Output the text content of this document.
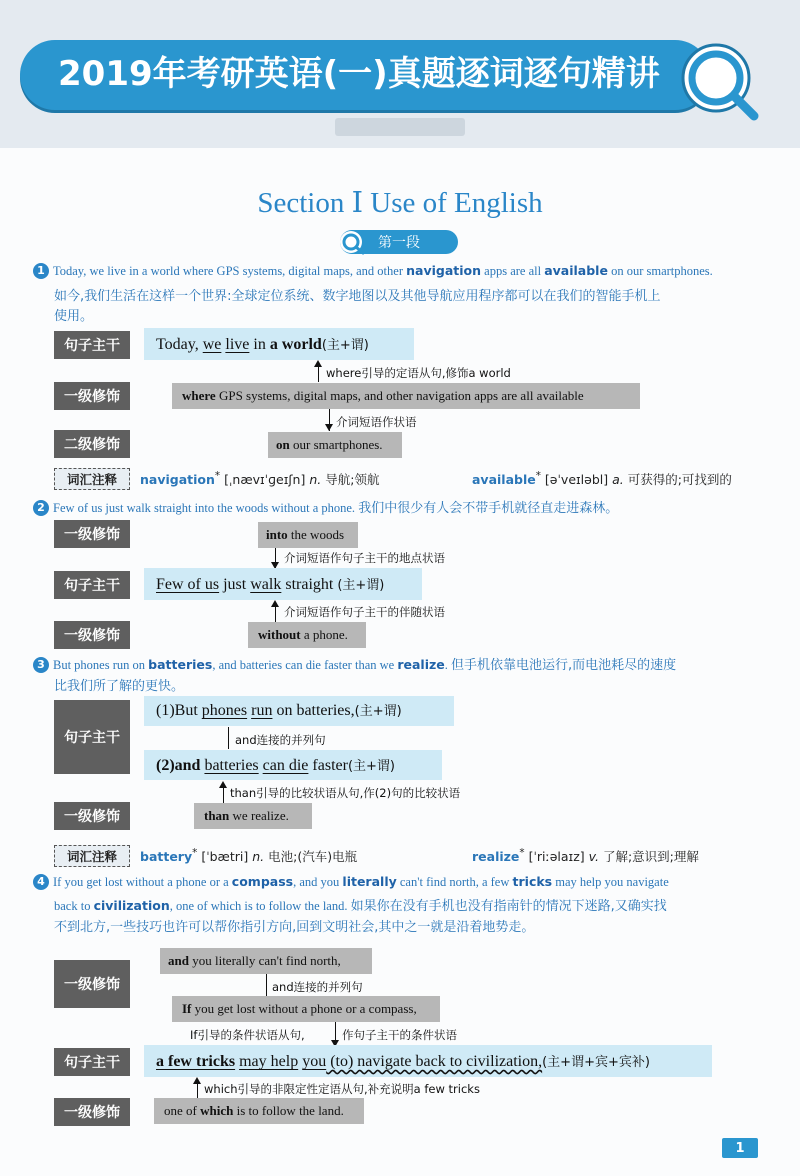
2019年考研英语(一)真题逐词逐句精讲
Section Ⅰ Use of English
第一段
1 Today, we live in a world where GPS systems, digital maps, and other navigation apps are all available on our smartphones.
如今,我们生活在这样一个世界:全球定位系统、数字地图以及其他导航应用程序都可以在我们的智能手机上
使用。
句子主干	Today, we live in a world(主+谓)
where引导的定语从句,修饰a world
一级修饰	where GPS systems, digital maps, and other navigation apps are all available
介词短语作状语
二级修饰	on our smartphones.
词汇注释	navigation* [ˌnævɪˈɡeɪʃn] n. 导航;领航	available* [əˈveɪləbl] a. 可获得的;可找到的
2 Few of us just walk straight into the woods without a phone. 我们中很少有人会不带手机就径直走进森林。
一级修饰	into the woods
介词短语作句子主干的地点状语
句子主干	Few of us just walk straight (主+谓)
介词短语作句子主干的伴随状语
一级修饰	without a phone.
3 But phones run on batteries, and batteries can die faster than we realize. 但手机依靠电池运行,而电池耗尽的速度
比我们所了解的更快。
句子主干
(1)But phones run on batteries,(主+谓)
and连接的并列句
(2)and batteries can die faster(主+谓)
than引导的比较状语从句,作(2)句的比较状语
一级修饰	than we realize.
词汇注释	battery* [ˈbætri] n. 电池;(汽车)电瓶	realize* [ˈriːəlaɪz] v. 了解;意识到;理解
4 If you get lost without a phone or a compass, and you literally can't find north, a few tricks may help you navigate
back to civilization, one of which is to follow the land. 如果你在没有手机也没有指南针的情况下迷路,又确实找
不到北方,一些技巧也许可以帮你指引方向,回到文明社会,其中之一就是沿着地势走。
一级修饰
and you literally can't find north,
and连接的并列句
If you get lost without a phone or a compass,
If引导的条件状语从句,	作句子主干的条件状语
句子主干	a few tricks may help you (to) navigate back to civilization,(主+谓+宾+宾补)
which引导的非限定性定语从句,补充说明a few tricks
一级修饰	one of which is to follow the land.
1
